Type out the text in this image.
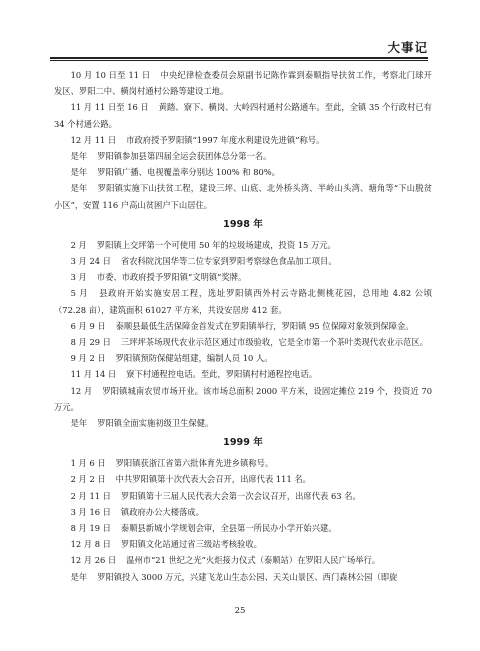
大事记

10 月 10 日至 11 日 中央纪律检查委员会原副书记陈作霖到泰顺指导扶贫工作，考察北门球开发区、罗阳二中、横岗村通村公路等建设工地。

11 月 11 日至 16 日 黄踏、寮下、横岗、大岭四村通村公路通车。至此，全镇 35 个行政村已有 34 个村通公路。

12 月 11 日 市政府授予罗阳镇“1997 年度水利建设先进镇”称号。

是年 罗阳镇参加县第四届全运会获团体总分第一名。

是年 罗阳镇广播、电视覆盖率分别达 100% 和 80%。

是年 罗阳镇实施下山扶贫工程，建设三坪、山底、北外桥头湾、半岭山头湾、塘角等“下山脱贫小区”，安置 116 户高山贫困户下山居住。

1998 年

2 月 罗阳镇上交坪第一个可使用 50 年的垃圾场建成，投资 15 万元。

3 月 24 日 省农科院沈国华等二位专家到罗阳考察绿色食品加工项目。

3 月 市委、市政府授予罗阳镇“文明镇”奖牌。

5 月 县政府开始实施安居工程，选址罗阳镇西外村云寺路北侧桃花园，总用地 4.82 公顷（72.28 亩），建筑面积 61027 平方米，共设安居房 412 套。

6 月 9 日 泰顺县最低生活保障金首发式在罗阳镇举行，罗阳镇 95 位保障对象领到保障金。

8 月 29 日 三坪坪茶场现代农业示范区通过市级验收，它是全市第一个茶叶类现代农业示范区。

9 月 2 日 罗阳镇预防保健站组建，编制人员 10 人。

11 月 14 日 寮下村通程控电话。至此，罗阳镇村村通程控电话。

12 月 罗阳镇城南农贸市场开业。该市场总面积 2000 平方米，设固定摊位 219 个，投资近 70 万元。

是年 罗阳镇全面实施初级卫生保健。

1999 年

1 月 6 日 罗阳镇获浙江省第六批体育先进乡镇称号。

2 月 2 日 中共罗阳镇第十次代表大会召开，出席代表 111 名。

2 月 11 日 罗阳镇第十三届人民代表大会第一次会议召开，出席代表 63 名。

3 月 16 日 镇政府办公大楼落成。

8 月 19 日 泰顺县新城小学规划会审，全县第一所民办小学开始兴建。

12 月 8 日 罗阳镇文化站通过省三级站考核验收。

12 月 26 日 温州市“21 世纪之光”火炬接力仪式（泰顺站）在罗阳人民广场举行。

是年 罗阳镇投入 3000 万元，兴建飞龙山生态公园、天关山景区、西门森林公园（即旋

25
